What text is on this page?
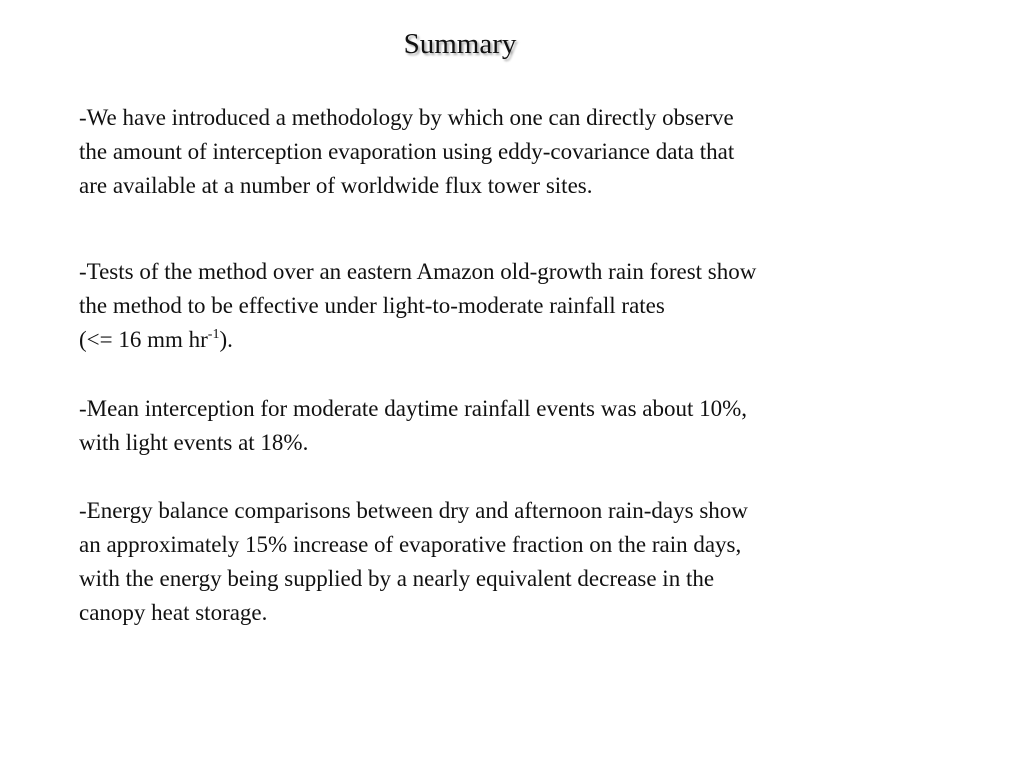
Summary
-We have introduced a methodology by which one can directly observe
the amount of interception evaporation using eddy-covariance data that
are available at a number of worldwide flux tower sites.
-Tests of the method over an eastern Amazon old-growth rain forest show
the method to be effective under light-to-moderate rainfall rates
(<= 16 mm $hr^{-1}$).
-Mean interception for moderate daytime rainfall events was about 10%,
with light events at 18%.
-Energy balance comparisons between dry and afternoon rain-days show
an approximately 15% increase of evaporative fraction on the rain days,
with the energy being supplied by a nearly equivalent decrease in the
canopy heat storage.
